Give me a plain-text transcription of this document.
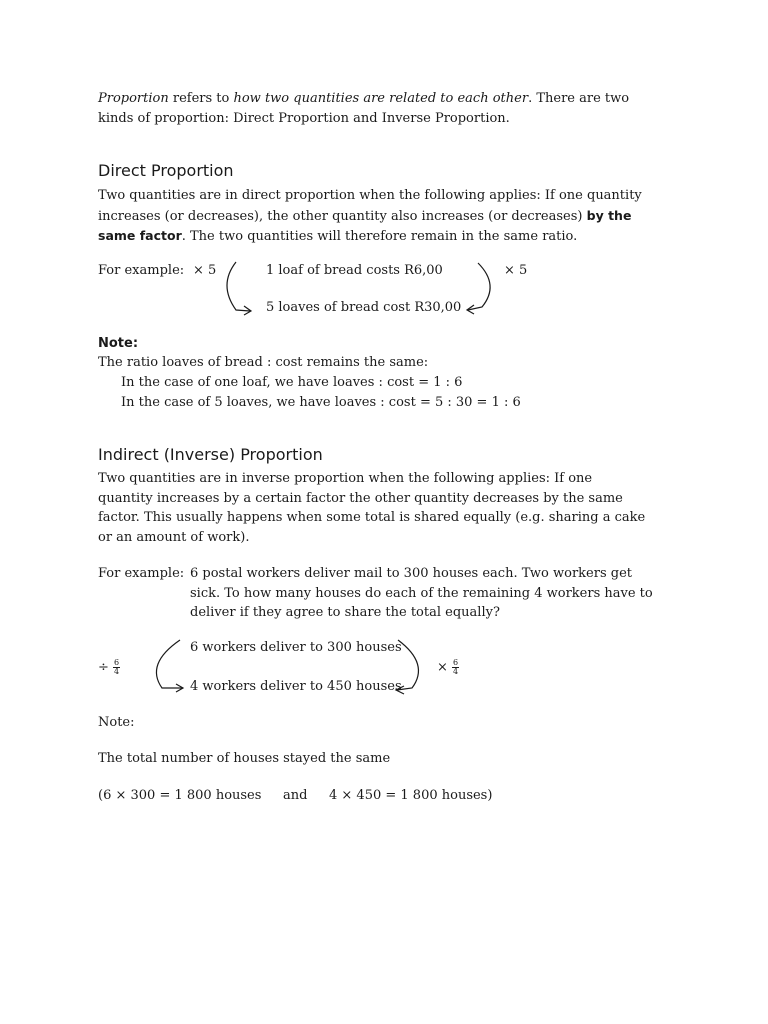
Proportion refers to how two quantities are related to each other. There are two kinds of proportion: Direct Proportion and Inverse Proportion.

Direct Proportion

Two quantities are in direct proportion when the following applies: If one quantity increases (or decreases), the other quantity also increases (or decreases) by the same factor. The two quantities will therefore remain in the same ratio.

For example: × 5	1 loaf of bread costs R6,00	× 5
5 loaves of bread cost R30,00
Note:
The ratio loaves of bread : cost remains the same:
In the case of one loaf, we have loaves : cost = 1 : 6
In the case of 5 loaves, we have loaves : cost = 5 : 30 = 1 : 6
Indirect (Inverse) Proportion

Two quantities are in inverse proportion when the following applies: If one quantity increases by a certain factor the other quantity decreases by the same factor. This usually happens when some total is shared equally (e.g. sharing a cake or an amount of work).

For example: 6 postal workers deliver mail to 300 houses each. Two workers get sick. To how many houses do each of the remaining 4 workers have to deliver if they agree to share the total equally?

÷ $\frac{6}{4}$
6 workers deliver to 300 houses
4 workers deliver to 450 houses
× $\frac{6}{4}$
Note:
The total number of houses stayed the same
(6 × 300 = 1 800 houses and 4 × 450 = 1 800 houses)
